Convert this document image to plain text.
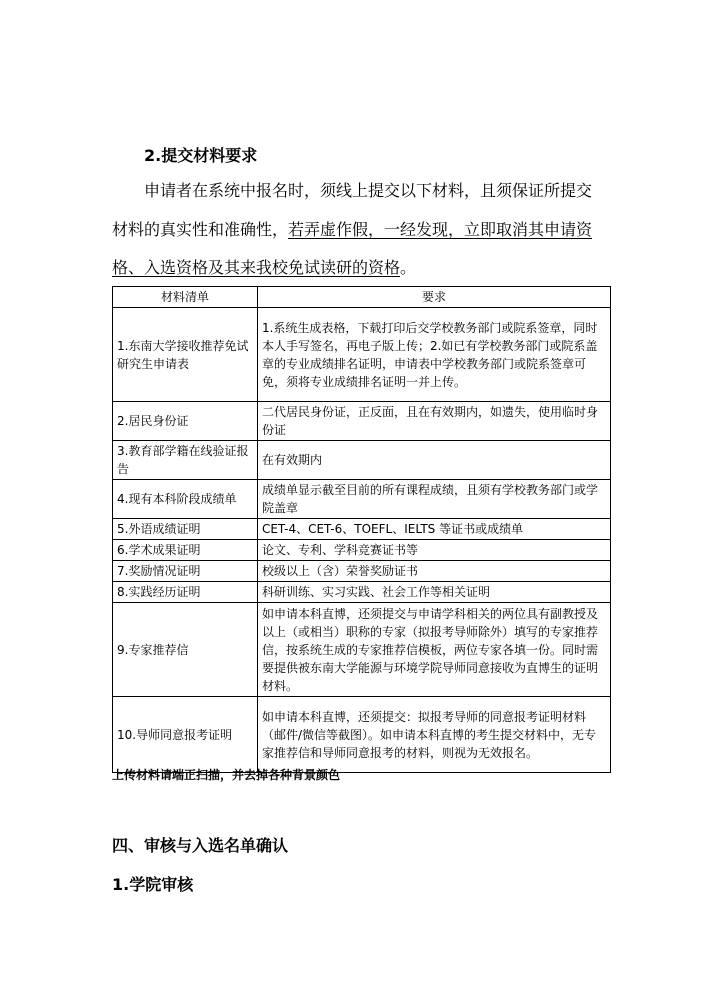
2.提交材料要求
申请者在系统中报名时，须线上提交以下材料，且须保证所提交
材料的真实性和准确性，若弄虚作假，一经发现，立即取消其申请资
格、入选资格及其来我校免试读研的资格。
材料清单	要求
1.东南大学接收推荐免试研究生申请表	1.系统生成表格，下载打印后交学校教务部门或院系签章，同时本人手写签名，再电子版上传；2.如已有学校教务部门或院系盖章的专业成绩排名证明，申请表中学校教务部门或院系签章可免，须将专业成绩排名证明一并上传。
2.居民身份证	二代居民身份证，正反面，且在有效期内，如遗失，使用临时身份证
3.教育部学籍在线验证报告	在有效期内
4.现有本科阶段成绩单	成绩单显示截至目前的所有课程成绩，且须有学校教务部门或学院盖章
5.外语成绩证明	CET-4、CET-6、TOEFL、IELTS 等证书或成绩单
6.学术成果证明	论文、专利、学科竞赛证书等
7.奖励情况证明	校级以上（含）荣誉奖励证书
8.实践经历证明	科研训练、实习实践、社会工作等相关证明
9.专家推荐信	如申请本科直博，还须提交与申请学科相关的两位具有副教授及以上（或相当）职称的专家（拟报考导师除外）填写的专家推荐信，按系统生成的专家推荐信模板，两位专家各填一份。同时需要提供被东南大学能源与环境学院导师同意接收为直博生的证明材料。
10.导师同意报考证明	如申请本科直博，还须提交：拟报考导师的同意报考证明材料（邮件/微信等截图）。如申请本科直博的考生提交材料中，无专家推荐信和导师同意报考的材料，则视为无效报名。
上传材料请端正扫描，并去掉各种背景颜色
四、审核与入选名单确认
1.学院审核
